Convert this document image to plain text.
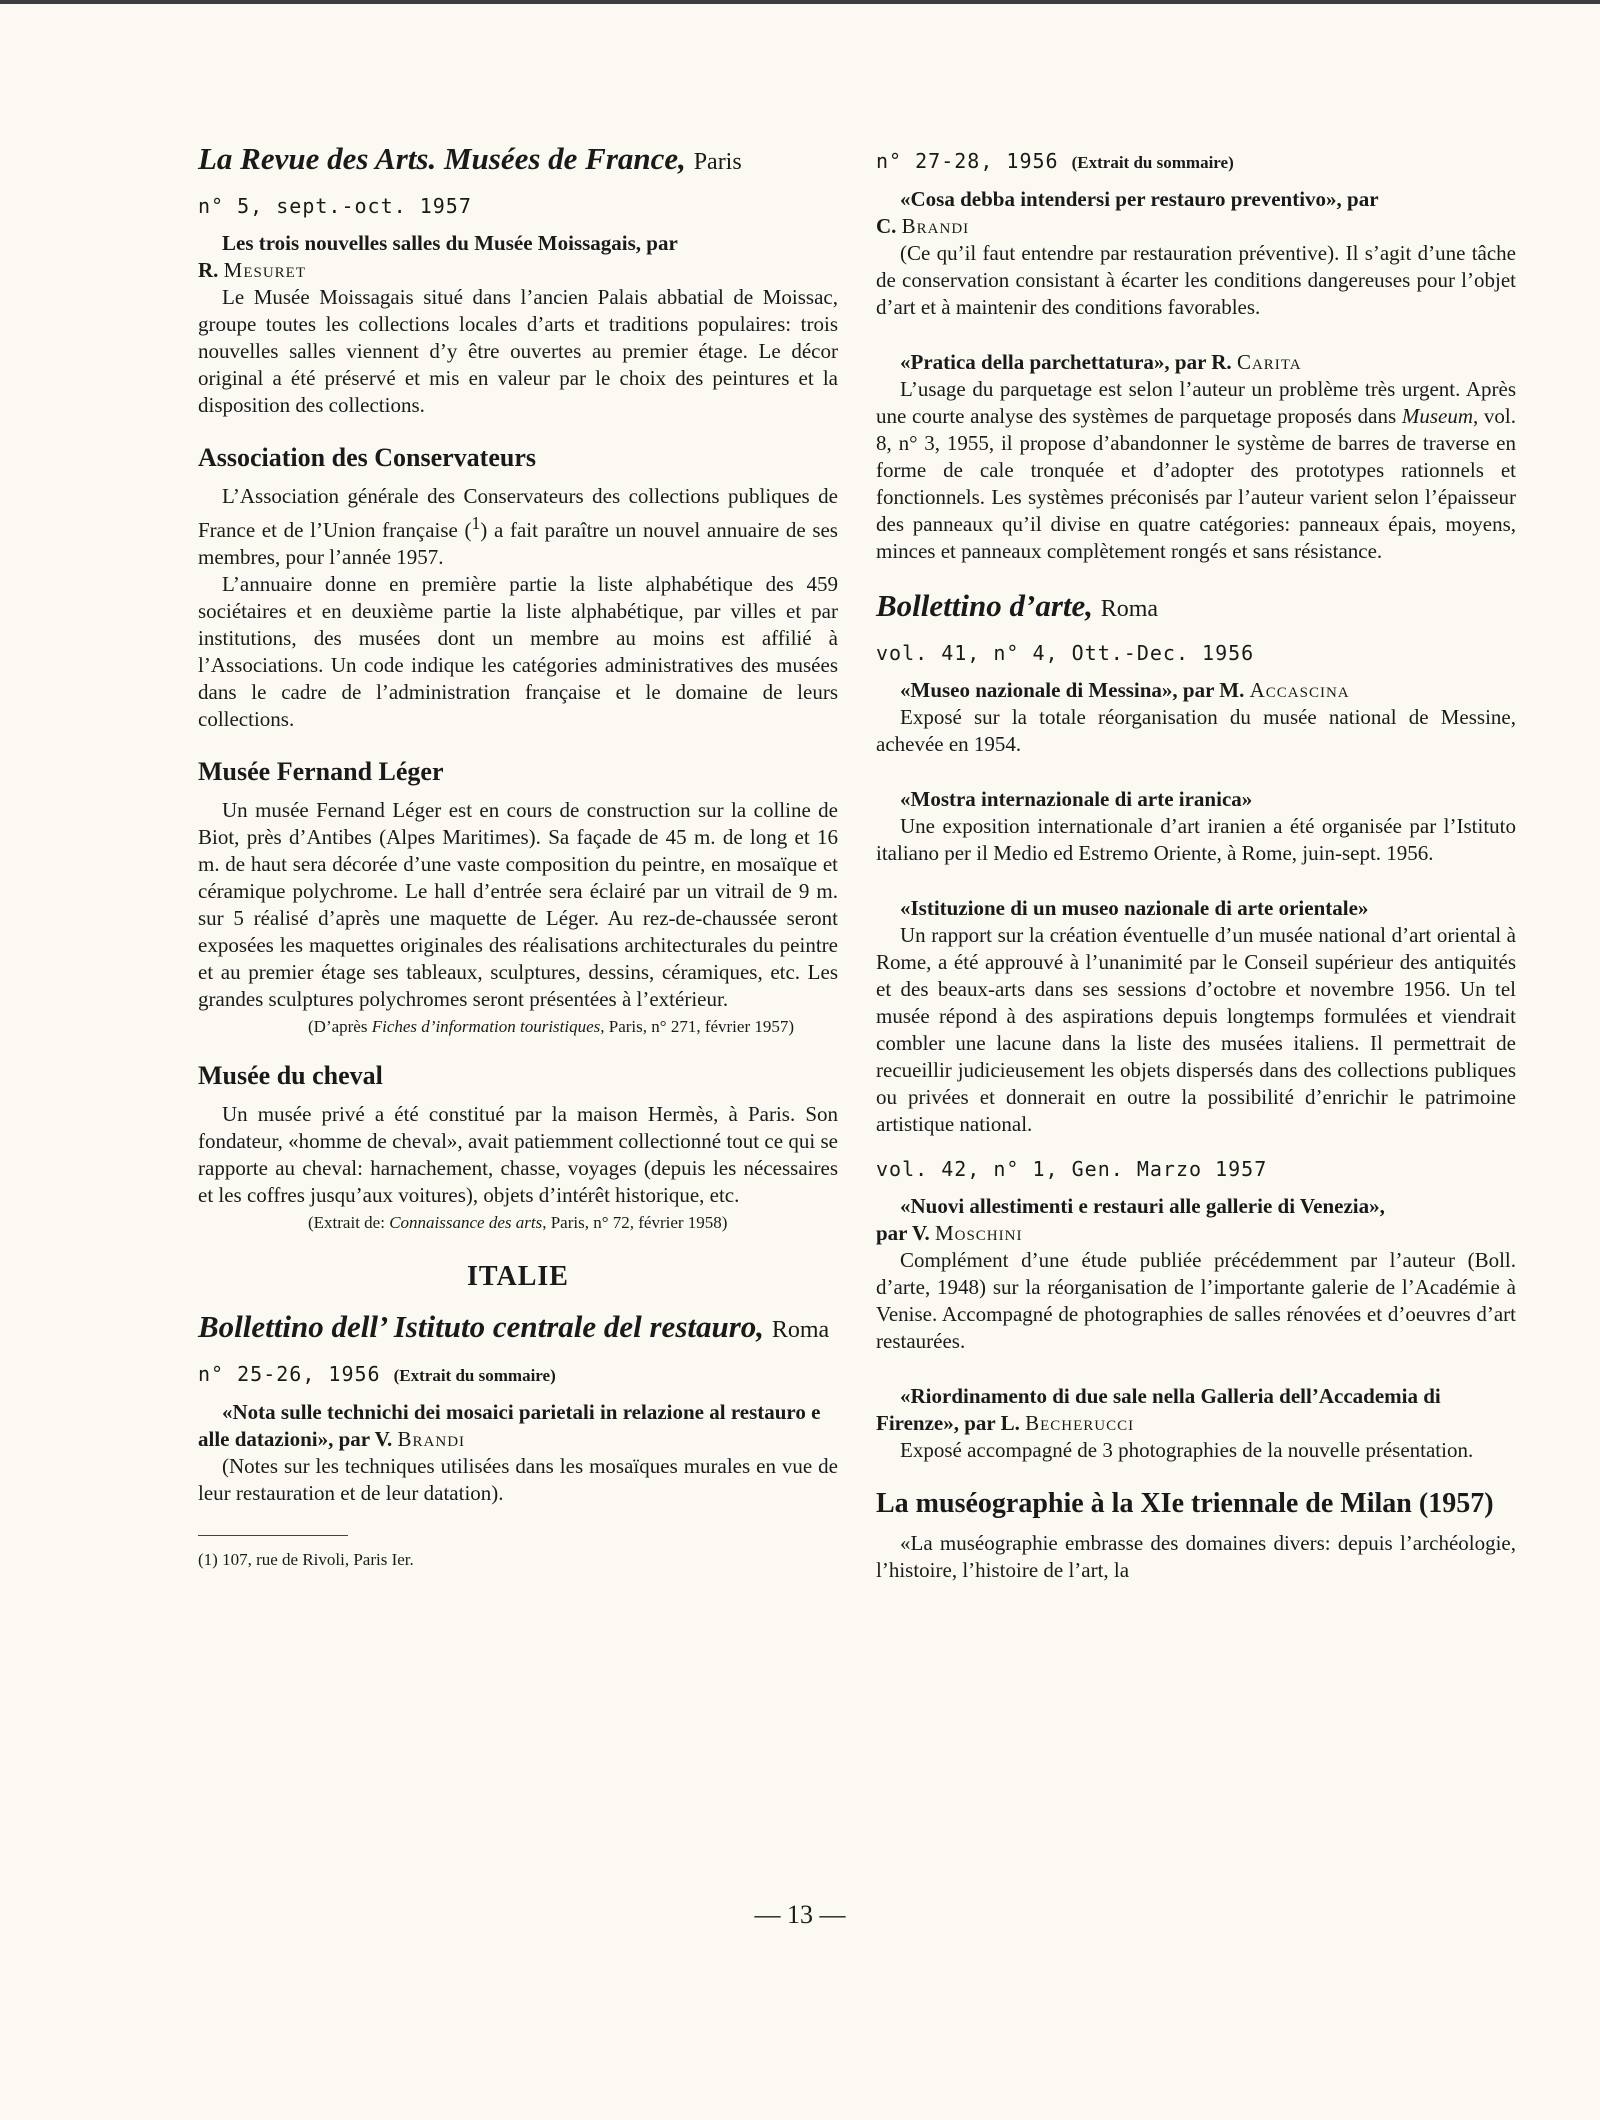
La Revue des Arts. Musées de France, Paris

n° 5, sept.-oct. 1957

Les trois nouvelles salles du Musée Moissagais, par
R. Mesuret

Le Musée Moissagais situé dans l’ancien Palais abbatial de Moissac, groupe toutes les collections locales d’arts et traditions populaires: trois nouvelles salles viennent d’y être ouvertes au premier étage. Le décor original a été préservé et mis en valeur par le choix des peintures et la disposition des collections.

Association des Conservateurs

L’Association générale des Conservateurs des collections publiques de France et de l’Union française ($^1$) a fait paraître un nouvel annuaire de ses membres, pour l’année 1957.

L’annuaire donne en première partie la liste alphabétique des 459 sociétaires et en deuxième partie la liste alphabétique, par villes et par institutions, des musées dont un membre au moins est affilié à l’Associations. Un code indique les catégories administratives des musées dans le cadre de l’administration française et le domaine de leurs collections.

Musée Fernand Léger

Un musée Fernand Léger est en cours de construction sur la colline de Biot, près d’Antibes (Alpes Maritimes). Sa façade de 45 m. de long et 16 m. de haut sera décorée d’une vaste composition du peintre, en mosaïque et céramique polychrome. Le hall d’entrée sera éclairé par un vitrail de 9 m. sur 5 réalisé d’après une maquette de Léger. Au rez-de-chaussée seront exposées les maquettes originales des réalisations architecturales du peintre et au premier étage ses tableaux, sculptures, dessins, céramiques, etc. Les grandes sculptures polychromes seront présentées à l’extérieur.

(D’après Fiches d’information touristiques, Paris, n° 271, février 1957)

Musée du cheval

Un musée privé a été constitué par la maison Hermès, à Paris. Son fondateur, «homme de cheval», avait patiemment collectionné tout ce qui se rapporte au cheval: harnachement, chasse, voyages (depuis les nécessaires et les coffres jusqu’aux voitures), objets d’intérêt historique, etc.

(Extrait de: Connaissance des arts, Paris, n° 72, février 1958)

ITALIE

Bollettino dell’ Istituto centrale del restauro, Roma

n° 25-26, 1956 (Extrait du sommaire)

«Nota sulle technichi dei mosaici parietali in relazione al restauro e alle datazioni», par V. Brandi

(Notes sur les techniques utilisées dans les mosaïques murales en vue de leur restauration et de leur datation).

(1) 107, rue de Rivoli, Paris Ier.

n° 27-28, 1956 (Extrait du sommaire)

«Cosa debba intendersi per restauro preventivo», par
C. Brandi

(Ce qu’il faut entendre par restauration préventive). Il s’agit d’une tâche de conservation consistant à écarter les conditions dangereuses pour l’objet d’art et à maintenir des conditions favorables.

«Pratica della parchettatura», par R. Carita

L’usage du parquetage est selon l’auteur un problème très urgent. Après une courte analyse des systèmes de parquetage proposés dans Museum, vol. 8, n° 3, 1955, il propose d’abandonner le système de barres de traverse en forme de cale tronquée et d’adopter des prototypes rationnels et fonctionnels. Les systèmes préconisés par l’auteur varient selon l’épaisseur des panneaux qu’il divise en quatre catégories: panneaux épais, moyens, minces et panneaux complètement rongés et sans résistance.

Bollettino d’arte, Roma

vol. 41, n° 4, Ott.-Dec. 1956

«Museo nazionale di Messina», par M. Accascina

Exposé sur la totale réorganisation du musée national de Messine, achevée en 1954.

«Mostra internazionale di arte iranica»

Une exposition internationale d’art iranien a été organisée par l’Istituto italiano per il Medio ed Estremo Oriente, à Rome, juin-sept. 1956.

«Istituzione di un museo nazionale di arte orientale»

Un rapport sur la création éventuelle d’un musée national d’art oriental à Rome, a été approuvé à l’unanimité par le Conseil supérieur des antiquités et des beaux-arts dans ses sessions d’octobre et novembre 1956. Un tel musée répond à des aspirations depuis longtemps formulées et viendrait combler une lacune dans la liste des musées italiens. Il permettrait de recueillir judicieusement les objets dispersés dans des collections publiques ou privées et donnerait en outre la possibilité d’enrichir le patrimoine artistique national.

vol. 42, n° 1, Gen. Marzo 1957

«Nuovi allestimenti e restauri alle gallerie di Venezia»,
par V. Moschini

Complément d’une étude publiée précédemment par l’auteur (Boll. d’arte, 1948) sur la réorganisation de l’importante galerie de l’Académie à Venise. Accompagné de photographies de salles rénovées et d’oeuvres d’art restaurées.

«Riordinamento di due sale nella Galleria dell’Accademia di Firenze», par L. Becherucci

Exposé accompagné de 3 photographies de la nouvelle présentation.

La muséographie à la XIe triennale de Milan (1957)

«La muséographie embrasse des domaines divers: depuis l’archéologie, l’histoire, l’histoire de l’art, la

— 13 —
